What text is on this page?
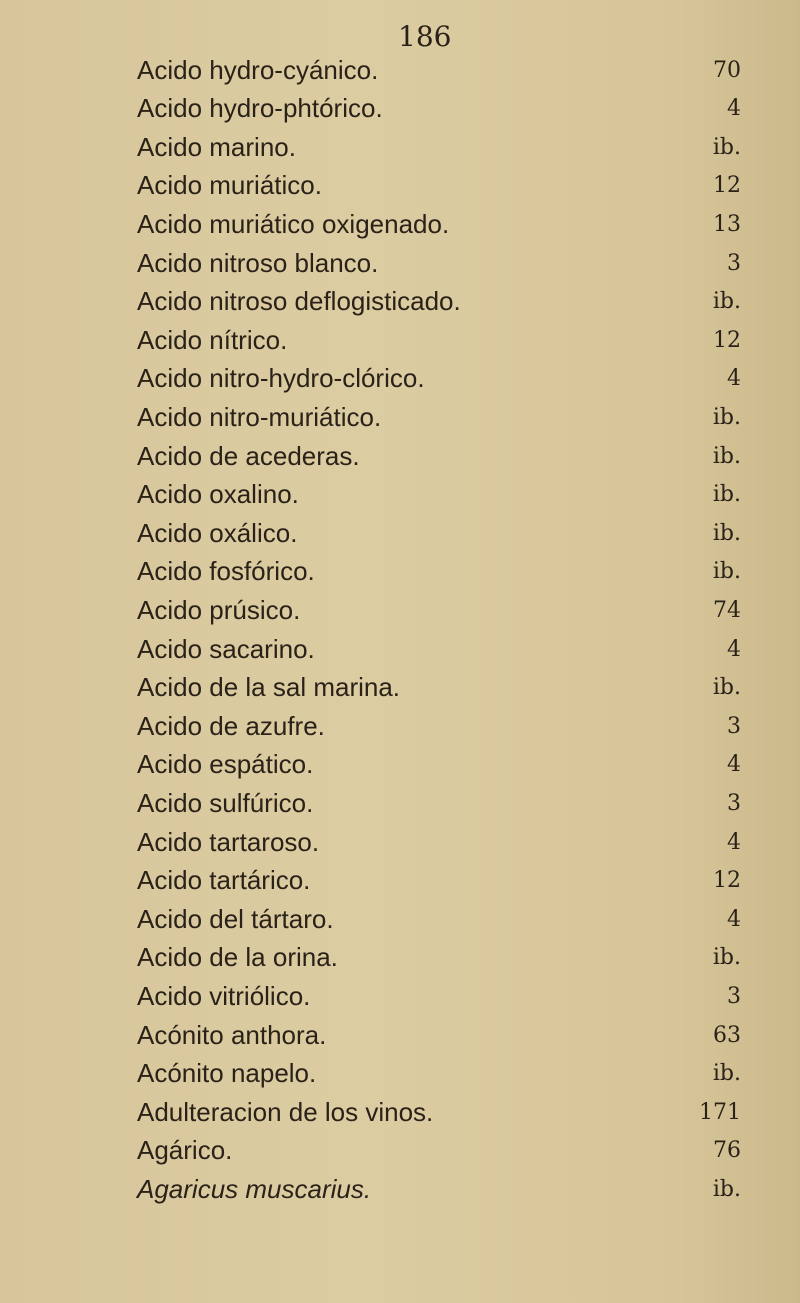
186
Acido hydro-cyánico.	70
Acido hydro-phtórico.	4
Acido marino.	ib.
Acido muriático.	12
Acido muriático oxigenado.	13
Acido nitroso blanco.	3
Acido nitroso deflogisticado.	ib.
Acido nítrico.	12
Acido nitro-hydro-clórico.	4
Acido nitro-muriático.	ib.
Acido de acederas.	ib.
Acido oxalino.	ib.
Acido oxálico.	ib.
Acido fosfórico.	ib.
Acido prúsico.	74
Acido sacarino.	4
Acido de la sal marina.	ib.
Acido de azufre.	3
Acido espático.	4
Acido sulfúrico.	3
Acido tartaroso.	4
Acido tartárico.	12
Acido del tártaro.	4
Acido de la orina.	ib.
Acido vitriólico.	3
Acónito anthora.	63
Acónito napelo.	ib.
Adulteracion de los vinos.	171
Agárico.	76
Agaricus muscarius.	ib.
